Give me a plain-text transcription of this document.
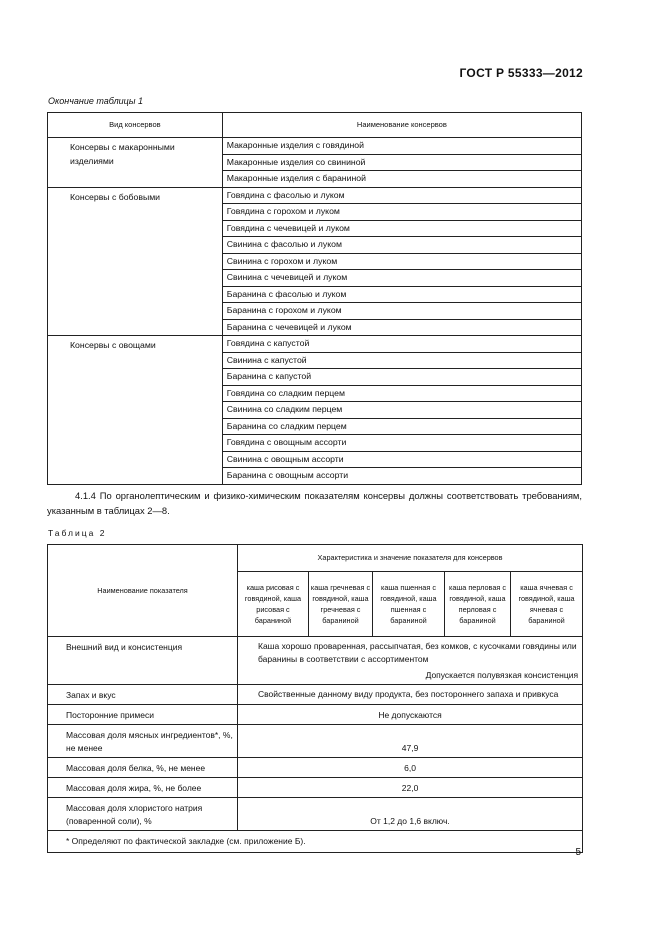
ГОСТ Р 55333—2012
Окончание таблицы 1
Вид консервов	Наименование консервов
Консервы с макаронными изделиями	Макаронные изделия с говядиной
	Макаронные изделия со свининой
	Макаронные изделия с бараниной
Консервы с бобовыми	Говядина с фасолью и луком
	Говядина с горохом и луком
	Говядина с чечевицей и луком
	Свинина с фасолью и луком
	Свинина с горохом и луком
	Свинина с чечевицей и луком
	Баранина с фасолью и луком
	Баранина с горохом и луком
	Баранина с чечевицей и луком
Консервы с овощами	Говядина с капустой
	Свинина с капустой
	Баранина с капустой
	Говядина со сладким перцем
	Свинина со сладким перцем
	Баранина со сладким перцем
	Говядина с овощным ассорти
	Свинина с овощным ассорти
	Баранина с овощным ассорти
4.1.4 По органолептическим и физико-химическим показателям консервы должны соответствовать требованиям, указанным в таблицах 2—8.
Таблица 2
Наименование показателя	Характеристика и значение показателя для консервов				
	каша рисовая с говядиной, каша рисовая с бараниной	каша гречневая с говядиной, каша гречневая с бараниной	каша пшенная с говядиной, каша пшенная с бараниной	каша перловая с говядиной, каша перловая с бараниной	каша ячневая с говядиной, каша ячневая с бараниной
Внешний вид и консистенция	Каша хорошо проваренная, рассыпчатая, без комков, с кусочками говядины или баранины в соответствии с ассортиментом
Допускается полувязкая консистенция				

Запах и вкус	Свойственные данному виду продукта, без постороннего запаха и привкуса				
Посторонние примеси	Не допускаются				
Массовая доля мясных ингредиентов*, %, не менее	47,9				
Массовая доля белка, %, не менее	6,0				
Массовая доля жира, %, не более	22,0				
Массовая доля хлористого натрия (поваренной соли), %	От 1,2 до 1,6 включ.				
* Определяют по фактической закладке (см. приложение Б).					
5
